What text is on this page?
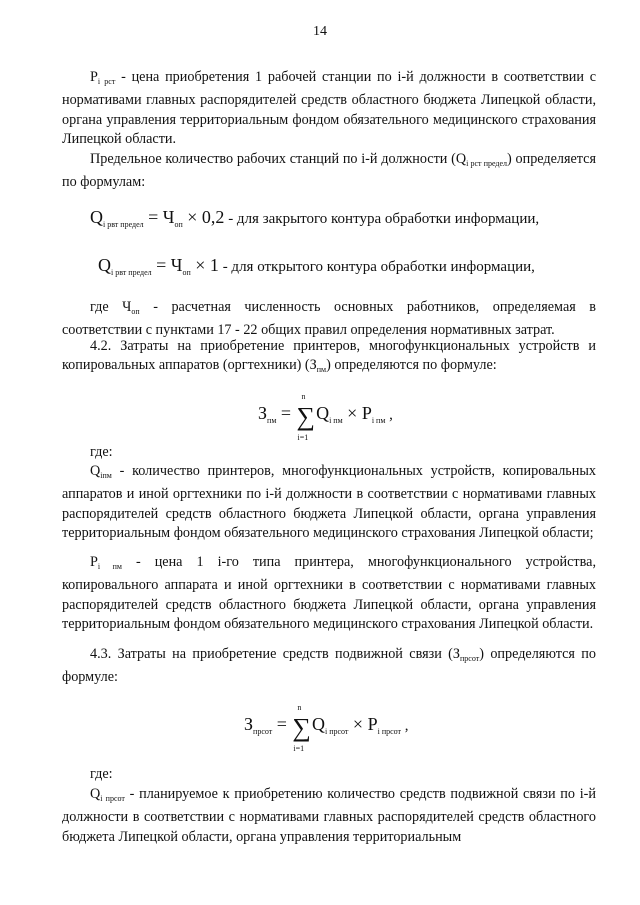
14
$P_{i рст}$ - цена приобретения 1 рабочей станции по i-й должности в соответствии с нормативами главных распорядителей средств областного бюджета Липецкой области, органа управления территориальным фондом обязательного медицинского страхования Липецкой области.
Предельное количество рабочих станций по i-й должности $(Q_{i рст предел})$ определяется по формулам:
$Q_{i рвт предел} = Ч_{оп} \times 0,2$ - для закрытого контура обработки информации,
$Q_{i рвт предел} = Ч_{оп} \times 1$ - для открытого контура обработки информации,
где $Ч_{оп}$ - расчетная численность основных работников, определяемая в соответствии с пунктами 17 - 22 общих правил определения нормативных затрат.
4.2. Затраты на приобретение принтеров, многофункциональных устройств и копировальных аппаратов (оргтехники) $(З_{пм})$ определяются по формуле:
$З_{пм}$ = ∑
n
i=1
$Q_{i пм} \times P_{i пм}$ ,
где:
$Q_{iпм}$ - количество принтеров, многофункциональных устройств, копировальных аппаратов и иной оргтехники по i-й должности в соответствии с нормативами главных распорядителей средств областного бюджета Липецкой области, органа управления территориальным фондом обязательного медицинского страхования Липецкой области;
$P_{i пм}$ - цена 1 i-го типа принтера, многофункционального устройства, копировального аппарата и иной оргтехники в соответствии с нормативами главных распорядителей средств областного бюджета Липецкой области, органа управления территориальным фондом обязательного медицинского страхования Липецкой области.
4.3. Затраты на приобретение средств подвижной связи $(З_{прсот})$ определяются по формуле:
$З_{прсот}$ = ∑
n
i=1
$Q_{i прсот} \times P_{i прсот}$ ,
где:
$Q_{i прсот}$ - планируемое к приобретению количество средств подвижной связи по i-й должности в соответствии с нормативами главных распорядителей средств областного бюджета Липецкой области, органа управления территориальным
